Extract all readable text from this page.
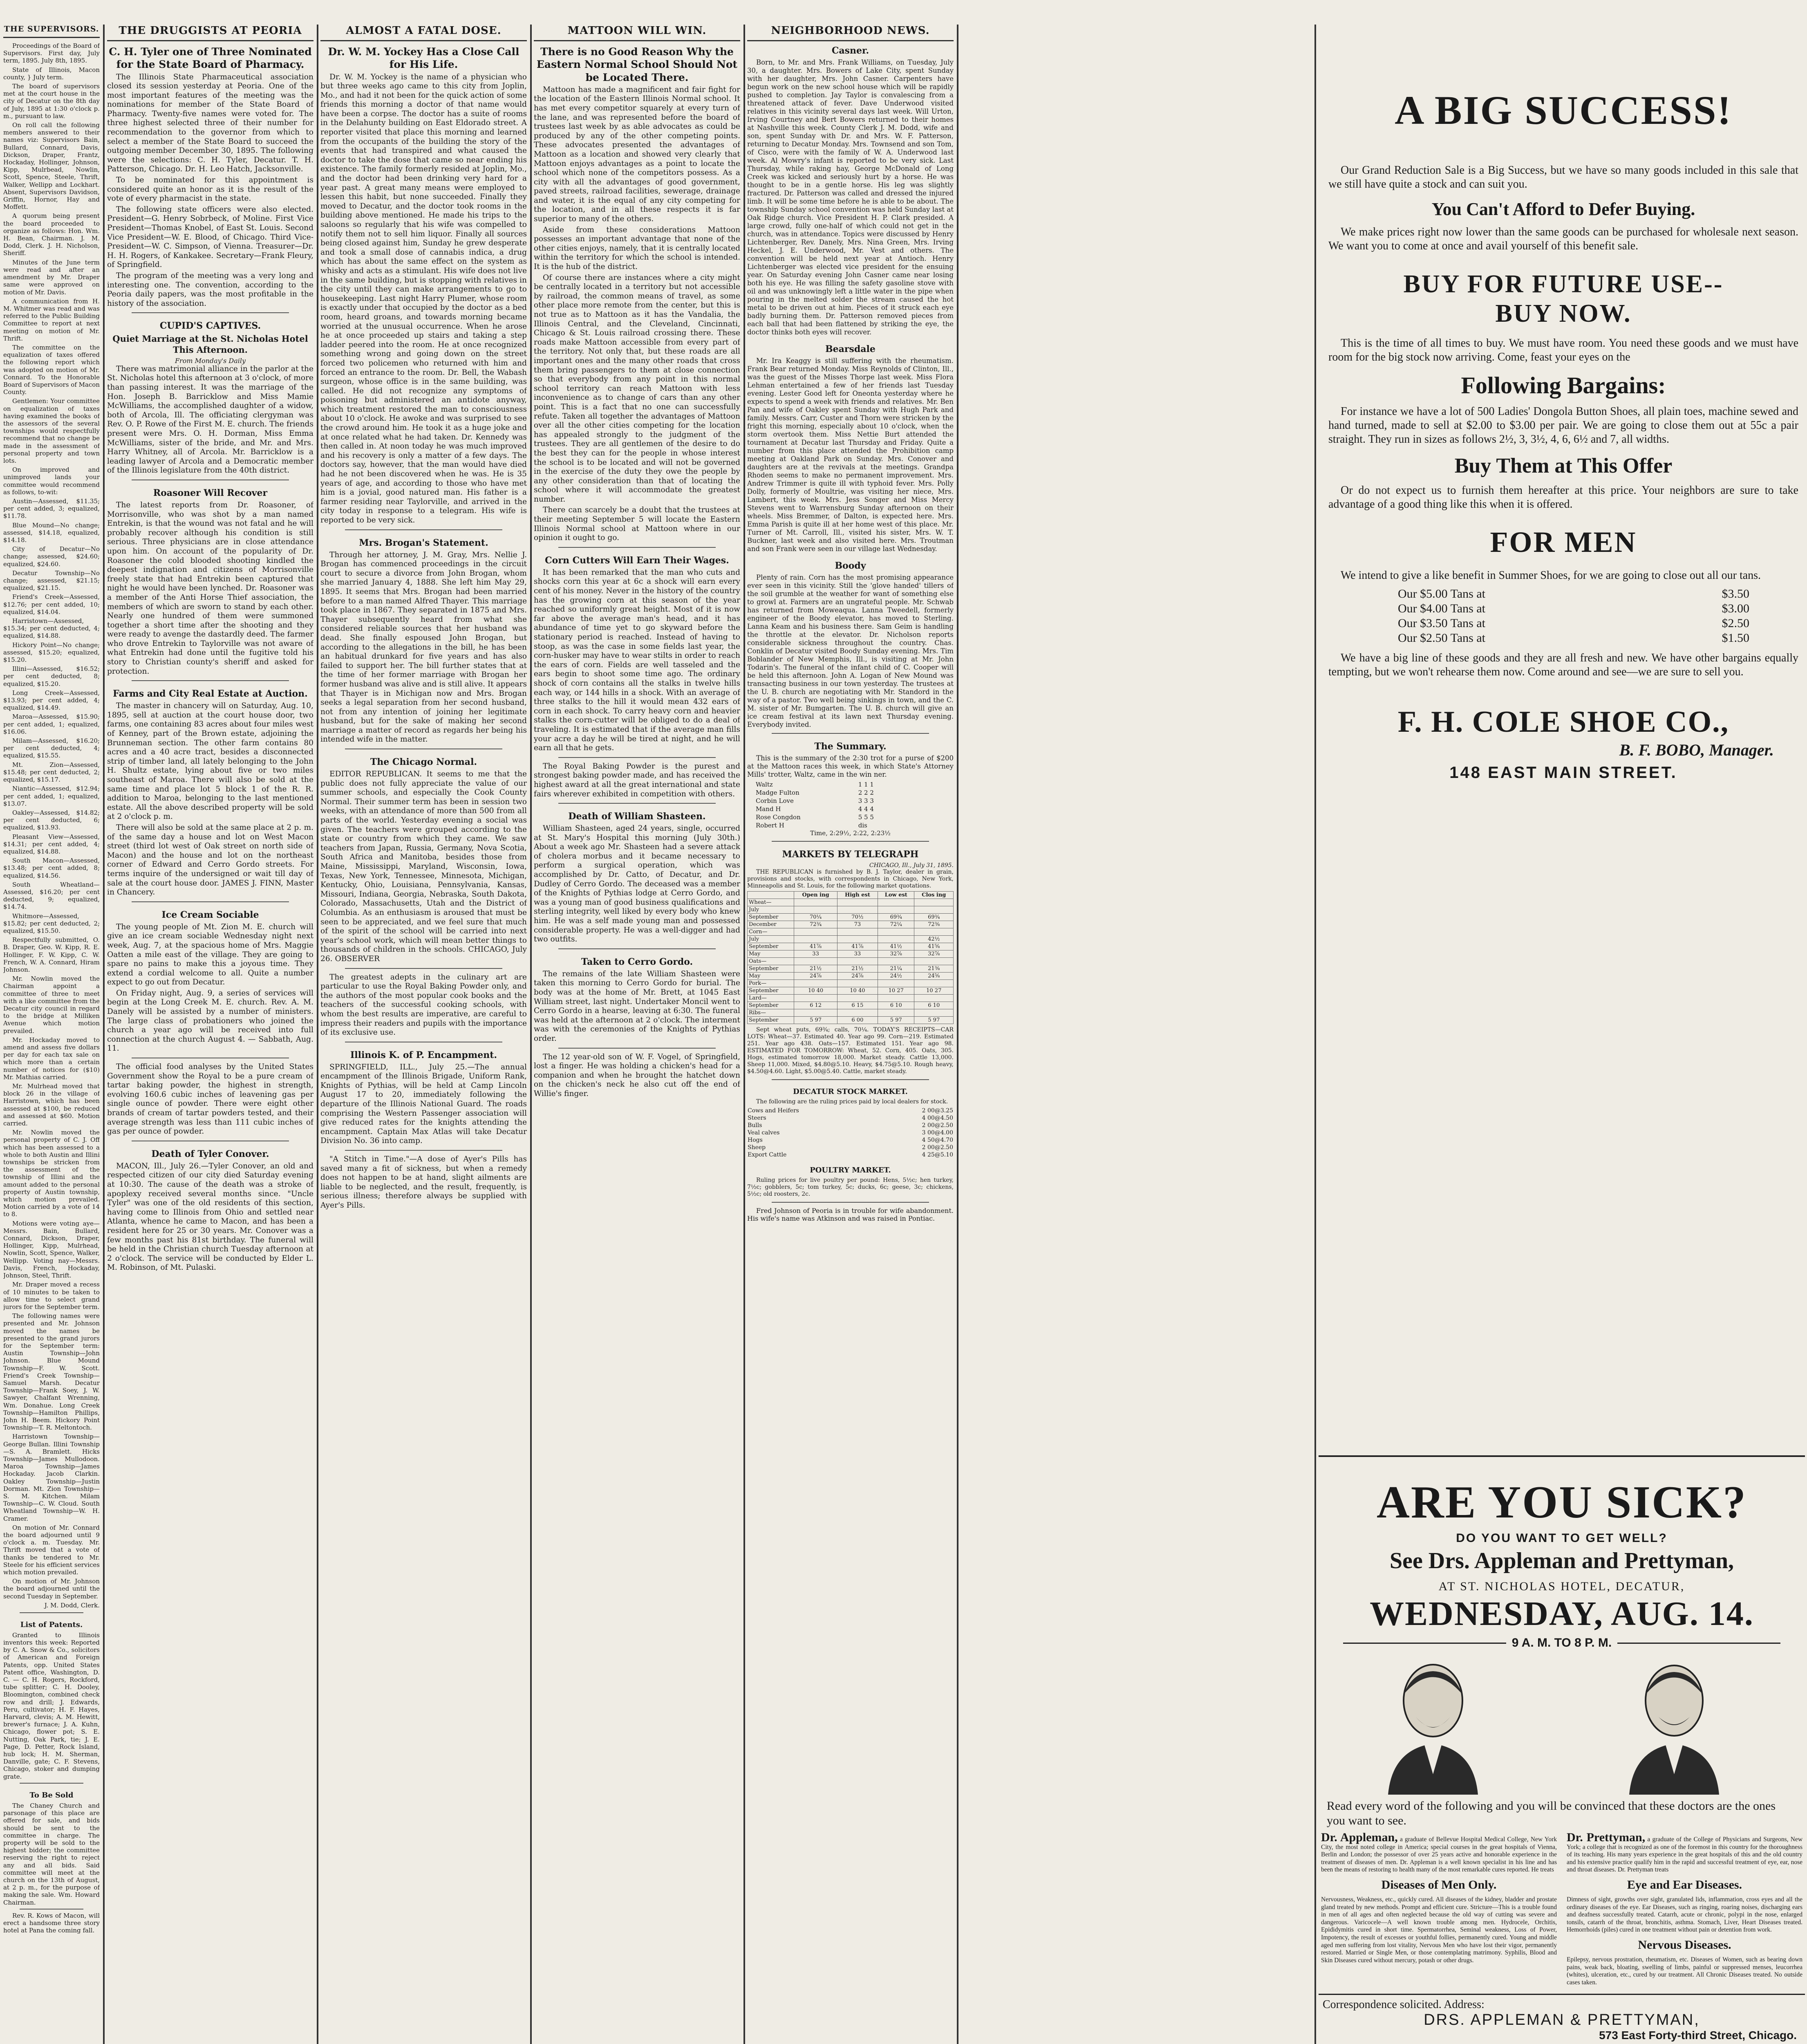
THE SUPERVISORS.

Proceedings of the Board of Supervisors. First day, July term, 1895. July 8th, 1895.

State of Illinois, Macon county, } July term.

The board of supervisors met at the court house in the city of Decatur on the 8th day of July, 1895 at 1:30 o'clock p. m., pursuant to law.

On roll call the following members answered to their names viz: Supervisors Bain, Bullard, Connard, Davis, Dickson, Draper, Frantz, Hockaday, Hollinger, Johnson, Kipp, Mulrbead, Nowlin, Scott, Spence, Steele, Thrift, Walker, Wellipp and Lockhart. Absent, Supervisors Davidson, Griffin, Hornor, Hay and Moffett.

A quorum being present the board proceeded to organize as follows: Hon. Wm. H. Bean, Chairman. J. M. Dodd, Clerk. J. H. Nicholson, Sheriff.

Minutes of the June term were read and after an amendment by Mr. Draper same were approved on motion of Mr. Davis.

A communication from H. M. Whitmer was read and was referred to the Public Building Committee to report at next meeting on motion of Mr. Thrift.

The committee on the equalization of taxes offered the following report which was adopted on motion of Mr. Connard. To the Honorable Board of Supervisors of Macon County.

Gentlemen: Your committee on equalization of taxes having examined the books of the assessors of the several townships would respectfully recommend that no change be made in the assessment of personal property and town lots.

On improved and unimproved lands your committee would recommend as follows, to-wit:

Austin—Assessed, $11.35; per cent added, 3; equalized, $11.78.

Blue Mound—No change; assessed, $14.18, equalized, $14.18.

City of Decatur—No change; assessed, $24.60; equalized, $24.60.

Decatur Township—No change; assessed, $21.15; equalized, $21.15.

Friend's Creek—Assessed, $12.76; per cent added, 10; equalized, $14.04.

Harristown—Assessed, $15.34; per cent deducted, 4; equalized, $14.88.

Hickory Point—No change; assessed, $15.20; equalized, $15.20.

Illini—Assessed, $16.52; per cent deducted, 8; equalized, $15.20.

Long Creek—Assessed, $13.93; per cent added, 4; equalized, $14.49.

Maroa—Assessed, $15.90; per cent added, 1; equalized, $16.06.

Milam—Assessed, $16.20; per cent deducted, 4; equalized, $15.55.

Mt. Zion—Assessed, $15.48; per cent deducted, 2; equalized, $15.17.

Niantic—Assessed, $12.94; per cent added, 1; equalized, $13.07.

Oakley—Assessed, $14.82; per cent deducted, 6; equalized, $13.93.

Pleasant View—Assessed, $14.31; per cent added, 4; equalized, $14.88.

South Macon—Assessed, $13.48; per cent added, 8; equalized, $14.56.

South Wheatland—Assessed, $16.20; per cent deducted, 9; equalized, $14.74.

Whitmore—Assessed, $15.82; per cent deducted, 2; equalized, $15.50.

Respectfully submitted, O. B. Draper, Geo. W. Kipp, R. E. Hollinger, F. W. Kipp, C. W. French, W. A. Connard, Hiram Johnson.

Mr. Nowlin moved the Chairman appoint a committee of three to meet with a like committee from the Decatur city council in regard to the bridge at Milliken Avenue which motion prevailed.

Mr. Hockaday moved to amend and assess five dollars per day for each tax sale on which more than a certain number of notices for ($10) Mr. Mathias carried.

Mr. Mulrhead moved that block 26 in the village of Harristown, which has been assessed at $100, be reduced and assessed at $60. Motion carried.

Mr. Nowlin moved the personal property of C. J. Off which has been assessed to a whole to both Austin and Illini townships be stricken from the assessment of the township of Illini and the amount added to the personal property of Austin township, which motion prevailed. Motion carried by a vote of 14 to 8.

Motions were voting aye—Messrs. Bain, Bullard, Connard, Dickson, Draper, Hollinger, Kipp, Mulrhead, Nowlin, Scott, Spence, Walker, Wellipp. Voting nay—Messrs. Davis, French, Hockaday, Johnson, Steel, Thrift.

Mr. Draper moved a recess of 10 minutes to be taken to allow time to select grand jurors for the September term.

The following names were presented and Mr. Johnson moved the names be presented to the grand jurors for the September term: Austin Township—John Johnson. Blue Mound Township—F. W. Scott. Friend's Creek Township—Samuel Marsh. Decatur Township—Frank Soey, J. W. Sawyer, Chalfant Wrenning, Wm. Donahue. Long Creek Township—Hamilton Phillips, John H. Beem. Hickory Point Township—T. R. Meltontoch.

Harristown Township—George Bullan. Illini Township—S. A. Bramlett. Hicks Township—James Mullodoon. Maroa Township—James Hockaday. Jacob Clarkin. Oakley Township—Justin Dorman. Mt. Zion Township—S. M. Kitchen. Milam Township—C. W. Cloud. South Wheatland Township—W. H. Cramer.

On motion of Mr. Connard the board adjourned until 9 o'clock a. m. Tuesday. Mr. Thrift moved that a vote of thanks be tendered to Mr. Steele for his efficient services which motion prevailed.

On motion of Mr. Johnson the board adjourned until the second Tuesday in September.

J. M. Dodd, Clerk.
List of Patents.

Granted to Illinois inventors this week: Reported by C. A. Snow & Co., solicitors of American and Foreign Patents, opp. United States Patent office, Washington, D. C. — C. H. Rogers, Rockford, tube splitter; C. H. Dooley, Bloomington, combined check row and drill; J. Edwards, Peru, cultivator; H. F. Hayes, Harvard, clevis; A. M. Hewitt, brewer's furnace; J. A. Kuhn, Chicago, flower pot; S. E. Nutting, Oak Park, tie; J. E. Page, D. Petter, Rock Island, hub lock; H. M. Sherman, Danville, gate; C. F. Stevens, Chicago, stoker and dumping grate.

To Be Sold

The Chaney Church and parsonage of this place are offered for sale, and bids should be sent to the committee in charge. The property will be sold to the highest bidder; the committee reserving the right to reject any and all bids. Said committee will meet at the church on the 13th of August, at 2 p. m., for the purpose of making the sale. Wm. Howard Chairman.

Rev. R. Kows of Macon, will erect a handsome three story hotel at Pana the coming fall.

THE DRUGGISTS AT PEORIA
C. H. Tyler one of Three Nominated for the State Board of Pharmacy.

The Illinois State Pharmaceutical association closed its session yesterday at Peoria. One of the most important features of the meeting was the nominations for member of the State Board of Pharmacy. Twenty-five names were voted for. The three highest selected three of their number for recommendation to the governor from which to select a member of the State Board to succeed the outgoing member December 30, 1895. The following were the selections: C. H. Tyler, Decatur. T. H. Patterson, Chicago. Dr. H. Leo Hatch, Jacksonville.

To be nominated for this appointment is considered quite an honor as it is the result of the vote of every pharmacist in the state.

The following state officers were also elected. President—G. Henry Sobrbeck, of Moline. First Vice President—Thomas Knobel, of East St. Louis. Second Vice President—W. E. Blood, of Chicago. Third Vice-President—W. C. Simpson, of Vienna. Treasurer—Dr. H. H. Rogers, of Kankakee. Secretary—Frank Fleury, of Springfield.

The program of the meeting was a very long and interesting one. The convention, according to the Peoria daily papers, was the most profitable in the history of the association.

CUPID'S CAPTIVES.
Quiet Marriage at the St. Nicholas Hotel This Afternoon.
From Monday's Daily

There was matrimonial alliance in the parlor at the St. Nicholas hotel this afternoon at 3 o'clock, of more than passing interest. It was the marriage of the Hon. Joseph B. Barricklow and Miss Mamie McWilliams, the accomplished daughter of a widow, both of Arcola, Ill. The officiating clergyman was Rev. O. P. Rowe of the First M. E. church. The friends present were Mrs. O. H. Dorman, Miss Emma McWilliams, sister of the bride, and Mr. and Mrs. Harry Whitney, all of Arcola. Mr. Barricklow is a leading lawyer of Arcola and a Democratic member of the Illinois legislature from the 40th district.

Roasoner Will Recover

The latest reports from Dr. Roasoner, of Morrisonville, who was shot by a man named Entrekin, is that the wound was not fatal and he will probably recover although his condition is still serious. Three physicians are in close attendance upon him. On account of the popularity of Dr. Roasoner the cold blooded shooting kindled the deepest indignation and citizens of Morrisonville freely state that had Entrekin been captured that night he would have been lynched. Dr. Roasoner was a member of the Anti Horse Thief association, the members of which are sworn to stand by each other. Nearly one hundred of them were summoned together a short time after the shooting and they were ready to avenge the dastardly deed. The farmer who drove Entrekin to Taylorville was not aware of what Entrekin had done until the fugitive told his story to Christian county's sheriff and asked for protection.

Farms and City Real Estate at Auction.

The master in chancery will on Saturday, Aug. 10, 1895, sell at auction at the court house door, two farms, one containing 83 acres about four miles west of Kenney, part of the Brown estate, adjoining the Brunneman section. The other farm contains 80 acres and a 40 acre tract, besides a disconnected strip of timber land, all lately belonging to the John H. Shultz estate, lying about five or two miles southeast of Maroa. There will also be sold at the same time and place lot 5 block 1 of the R. R. addition to Maroa, belonging to the last mentioned estate. All the above described property will be sold at 2 o'clock p. m.

There will also be sold at the same place at 2 p. m. of the same day a house and lot on West Macon street (third lot west of Oak street on north side of Macon) and the house and lot on the northeast corner of Edward and Cerro Gordo streets. For terms inquire of the undersigned or wait till day of sale at the court house door. JAMES J. FINN, Master in Chancery.

Ice Cream Sociable

The young people of Mt. Zion M. E. church will give an ice cream sociable Wednesday night next week, Aug. 7, at the spacious home of Mrs. Maggie Oatten a mile east of the village. They are going to spare no pains to make this a joyous time. They extend a cordial welcome to all. Quite a number expect to go out from Decatur.

On Friday night, Aug. 9, a series of services will begin at the Long Creek M. E. church. Rev. A. M. Danely will be assisted by a number of ministers. The large class of probationers who joined the church a year ago will be received into full connection at the church August 4. — Sabbath, Aug. 11.

The official food analyses by the United States Government show the Royal to be a pure cream of tartar baking powder, the highest in strength, evolving 160.6 cubic inches of leavening gas per single ounce of powder. There were eight other brands of cream of tartar powders tested, and their average strength was less than 111 cubic inches of gas per ounce of powder.

Death of Tyler Conover.

MACON, Ill., July 26.—Tyler Conover, an old and respected citizen of our city died Saturday evening at 10:30. The cause of the death was a stroke of apoplexy received several months since. "Uncle Tyler" was one of the old residents of this section, having come to Illinois from Ohio and settled near Atlanta, whence he came to Macon, and has been a resident here for 25 or 30 years. Mr. Conover was a few months past his 81st birthday. The funeral will be held in the Christian church Tuesday afternoon at 2 o'clock. The service will be conducted by Elder L. M. Robinson, of Mt. Pulaski.

ALMOST A FATAL DOSE.
Dr. W. M. Yockey Has a Close Call for His Life.

Dr. W. M. Yockey is the name of a physician who but three weeks ago came to this city from Joplin, Mo., and had it not been for the quick action of some friends this morning a doctor of that name would have been a corpse. The doctor has a suite of rooms in the Delahunty building on East Eldorado street. A reporter visited that place this morning and learned from the occupants of the building the story of the events that had transpired and what caused the doctor to take the dose that came so near ending his existence. The family formerly resided at Joplin, Mo., and the doctor had been drinking very hard for a year past. A great many means were employed to lessen this habit, but none succeeded. Finally they moved to Decatur, and the doctor took rooms in the building above mentioned. He made his trips to the saloons so regularly that his wife was compelled to notify them not to sell him liquor. Finally all sources being closed against him, Sunday he grew desperate and took a small dose of cannabis indica, a drug which has about the same effect on the system as whisky and acts as a stimulant. His wife does not live in the same building, but is stopping with relatives in the city until they can make arrangements to go to housekeeping. Last night Harry Plumer, whose room is exactly under that occupied by the doctor as a bed room, heard groans, and towards morning became worried at the unusual occurrence. When he arose he at once proceeded up stairs and taking a step ladder peered into the room. He at once recognized something wrong and going down on the street forced two policemen who returned with him and forced an entrance to the room. Dr. Bell, the Wabash surgeon, whose office is in the same building, was called. He did not recognize any symptoms of poisoning but administered an antidote anyway, which treatment restored the man to consciousness about 10 o'clock. He awoke and was surprised to see the crowd around him. He took it as a huge joke and at once related what he had taken. Dr. Kennedy was then called in. At noon today he was much improved and his recovery is only a matter of a few days. The doctors say, however, that the man would have died had he not been discovered when he was. He is 35 years of age, and according to those who have met him is a jovial, good natured man. His father is a farmer residing near Taylorville, and arrived in the city today in response to a telegram. His wife is reported to be very sick.

Mrs. Brogan's Statement.

Through her attorney, J. M. Gray, Mrs. Nellie J. Brogan has commenced proceedings in the circuit court to secure a divorce from John Brogan, whom she married January 4, 1888. She left him May 29, 1895. It seems that Mrs. Brogan had been married before to a man named Alfred Thayer. This marriage took place in 1867. They separated in 1875 and Mrs. Thayer subsequently heard from what she considered reliable sources that her husband was dead. She finally espoused John Brogan, but according to the allegations in the bill, he has been an habitual drunkard for five years and has also failed to support her. The bill further states that at the time of her former marriage with Brogan her former husband was alive and is still alive. It appears that Thayer is in Michigan now and Mrs. Brogan seeks a legal separation from her second husband, not from any intention of joining her legitimate husband, but for the sake of making her second marriage a matter of record as regards her being his intended wife in the matter.

The Chicago Normal.

EDITOR REPUBLICAN. It seems to me that the public does not fully appreciate the value of our summer schools, and especially the Cook County Normal. Their summer term has been in session two weeks, with an attendance of more than 500 from all parts of the world. Yesterday evening a social was given. The teachers were grouped according to the state or country from which they came. We saw teachers from Japan, Russia, Germany, Nova Scotia, South Africa and Manitoba, besides those from Maine, Mississippi, Maryland, Wisconsin, Iowa, Texas, New York, Tennessee, Minnesota, Michigan, Kentucky, Ohio, Louisiana, Pennsylvania, Kansas, Missouri, Indiana, Georgia, Nebraska, South Dakota, Colorado, Massachusetts, Utah and the District of Columbia. As an enthusiasm is aroused that must be seen to be appreciated, and we feel sure that much of the spirit of the school will be carried into next year's school work, which will mean better things to thousands of children in the schools. CHICAGO, July 26. OBSERVER

The greatest adepts in the culinary art are particular to use the Royal Baking Powder only, and the authors of the most popular cook books and the teachers of the successful cooking schools, with whom the best results are imperative, are careful to impress their readers and pupils with the importance of its exclusive use.

Illinois K. of P. Encampment.

SPRINGFIELD, ILL., July 25.—The annual encampment of the Illinois Brigade, Uniform Rank, Knights of Pythias, will be held at Camp Lincoln August 17 to 20, immediately following the departure of the Illinois National Guard. The roads comprising the Western Passenger association will give reduced rates for the knights attending the encampment. Captain Max Atlas will take Decatur Division No. 36 into camp.

"A Stitch in Time."—A dose of Ayer's Pills has saved many a fit of sickness, but when a remedy does not happen to be at hand, slight ailments are liable to be neglected, and the result, frequently, is serious illness; therefore always be supplied with Ayer's Pills.

MATTOON WILL WIN.
There is no Good Reason Why the Eastern Normal School Should Not be Located There.

Mattoon has made a magnificent and fair fight for the location of the Eastern Illinois Normal school. It has met every competitor squarely at every turn of the lane, and was represented before the board of trustees last week by as able advocates as could be produced by any of the other competing points. These advocates presented the advantages of Mattoon as a location and showed very clearly that Mattoon enjoys advantages as a point to locate the school which none of the competitors possess. As a city with all the advantages of good government, paved streets, railroad facilities, sewerage, drainage and water, it is the equal of any city competing for the location, and in all these respects it is far superior to many of the others.

Aside from these considerations Mattoon possesses an important advantage that none of the other cities enjoys, namely, that it is centrally located within the territory for which the school is intended. It is the hub of the district.

Of course there are instances where a city might be centrally located in a territory but not accessible by railroad, the common means of travel, as some other place more remote from the center, but this is not true as to Mattoon as it has the Vandalia, the Illinois Central, and the Cleveland, Cincinnati, Chicago & St. Louis railroad crossing there. These roads make Mattoon accessible from every part of the territory. Not only that, but these roads are all important ones and the many other roads that cross them bring passengers to them at close connection so that everybody from any point in this normal school territory can reach Mattoon with less inconvenience as to change of cars than any other point. This is a fact that no one can successfully refute. Taken all together the advantages of Mattoon over all the other cities competing for the location has appealed strongly to the judgment of the trustees. They are all gentlemen of the desire to do the best they can for the people in whose interest the school is to be located and will not be governed in the exercise of the duty they owe the people by any other consideration than that of locating the school where it will accommodate the greatest number.

There can scarcely be a doubt that the trustees at their meeting September 5 will locate the Eastern Illinois Normal school at Mattoon where in our opinion it ought to go.

Corn Cutters Will Earn Their Wages.

It has been remarked that the man who cuts and shocks corn this year at 6c a shock will earn every cent of his money. Never in the history of the country has the growing corn at this season of the year reached so uniformly great height. Most of it is now far above the average man's head, and it has abundance of time yet to go skyward before the stationary period is reached. Instead of having to stoop, as was the case in some fields last year, the corn-husker may have to wear stilts in order to reach the ears of corn. Fields are well tasseled and the ears begin to shoot some time ago. The ordinary shock of corn contains all the stalks in twelve hills each way, or 144 hills in a shock. With an average of three stalks to the hill it would mean 432 ears of corn in each shock. To carry heavy corn and heavier stalks the corn-cutter will be obliged to do a deal of traveling. It is estimated that if the average man fills your acre a day he will be tired at night, and he will earn all that he gets.

The Royal Baking Powder is the purest and strongest baking powder made, and has received the highest award at all the great international and state fairs wherever exhibited in competition with others.

Death of William Shasteen.

William Shasteen, aged 24 years, single, occurred at St. Mary's Hospital this morning (July 30th.) About a week ago Mr. Shasteen had a severe attack of cholera morbus and it became necessary to perform a surgical operation, which was accomplished by Dr. Catto, of Decatur, and Dr. Dudley of Cerro Gordo. The deceased was a member of the Knights of Pythias lodge at Cerro Gordo, and was a young man of good business qualifications and sterling integrity, well liked by every body who knew him. He was a self made young man and possessed considerable property. He was a well-digger and had two outfits.

Taken to Cerro Gordo.

The remains of the late William Shasteen were taken this morning to Cerro Gordo for burial. The body was at the home of Mr. Brett, at 1045 East William street, last night. Undertaker Moncil went to Cerro Gordo in a hearse, leaving at 6:30. The funeral was held at the afternoon at 2 o'clock. The interment was with the ceremonies of the Knights of Pythias order.

The 12 year-old son of W. F. Vogel, of Springfield, lost a finger. He was holding a chicken's head for a companion and when he brought the hatchet down on the chicken's neck he also cut off the end of Willie's finger.

NEIGHBORHOOD NEWS.
Casner.

Born, to Mr. and Mrs. Frank Williams, on Tuesday, July 30, a daughter. Mrs. Bowers of Lake City, spent Sunday with her daughter, Mrs. John Casner. Carpenters have begun work on the new school house which will be rapidly pushed to completion. Jay Taylor is convalescing from a threatened attack of fever. Dave Underwood visited relatives in this vicinity several days last week. Will Urton, Irving Courtney and Bert Bowers returned to their homes at Nashville this week. County Clerk J. M. Dodd, wife and son, spent Sunday with Dr. and Mrs. W. F. Patterson, returning to Decatur Monday. Mrs. Townsend and son Tom, of Cisco, were with the family of W. A. Underwood last week. Al Mowry's infant is reported to be very sick. Last Thursday, while raking hay, George McDonald of Long Creek was kicked and seriously hurt by a horse. He was thought to be in a gentle horse. His leg was slightly fractured. Dr. Patterson was called and dressed the injured limb. It will be some time before he is able to be about. The township Sunday school convention was held Sunday last at Oak Ridge church. Vice President H. P. Clark presided. A large crowd, fully one-half of which could not get in the church, was in attendance. Topics were discussed by Henry Lichtenberger, Rev. Danely, Mrs. Nina Green, Mrs. Irving Heckel, J. E. Underwood, Mr. Vest and others. The convention will be held next year at Antioch. Henry Lichtenberger was elected vice president for the ensuing year. On Saturday evening John Casner came near losing both his eye. He was filling the safety gasoline stove with oil and was unknowingly left a little water in the pipe when pouring in the melted solder the stream caused the hot metal to be driven out at him. Pieces of it struck each eye badly burning them. Dr. Patterson removed pieces from each ball that had been flattened by striking the eye, the doctor thinks both eyes will recover.

Bearsdale

Mr. Ira Keaggy is still suffering with the rheumatism. Frank Bear returned Monday. Miss Reynolds of Clinton, Ill., was the guest of the Misses Thorpe last week. Miss Flora Lehman entertained a few of her friends last Tuesday evening. Lester Good left for Oneonta yesterday where he expects to spend a week with friends and relatives. Mr. Ben Pan and wife of Oakley spent Sunday with Hugh Park and family. Messrs. Carr, Custer and Thorn were stricken by the fright this morning, especially about 10 o'clock, when the storm overtook them. Miss Nettie Burt attended the tournament at Decatur last Thursday and Friday. Quite a number from this place attended the Prohibition camp meeting at Oakland Park on Sunday. Mrs. Conover and daughters are at the revivals at the meetings. Grandpa Rhoden seems to make no permanent improvement. Mrs. Andrew Trimmer is quite ill with typhoid fever. Mrs. Polly Dolly, formerly of Moultrie, was visiting her niece, Mrs. Lambert, this week. Mrs. Jess Songer and Miss Mercy Stevens went to Warrensburg Sunday afternoon on their wheels. Miss Bremmer, of Dalton, is expected here. Mrs. Emma Parish is quite ill at her home west of this place. Mr. Turner of Mt. Carroll, Ill., visited his sister, Mrs. W. T. Buckner, last week and also visited here. Mrs. Troutman and son Frank were seen in our village last Wednesday.

Boody

Plenty of rain. Corn has the most promising appearance ever seen in this vicinity. Still the 'glove handed' tillers of the soil grumble at the weather for want of something else to growl at. Farmers are an ungrateful people. Mr. Schwab has returned from Moweaqua. Lanna Tweedell, formerly engineer of the Boody elevator, has moved to Sterling. Lanna Keam and his business there. Sam Geim is handling the throttle at the elevator. Dr. Nicholson reports considerable sickness throughout the country. Chas. Conklin of Decatur visited Boody Sunday evening. Mrs. Tim Boblander of New Memphis, Ill., is visiting at Mr. John Todarin's. The funeral of the infant child of C. Cooper will be held this afternoon. John A. Logan of New Mound was transacting business in our town yesterday. The trustees at the U. B. church are negotiating with Mr. Standord in the way of a pastor. Two well being sinkings in town, and the C. M. sister of Mr. Bumgarten. The U. B. church will give an ice cream festival at its lawn next Thursday evening. Everybody invited.

The Summary.

This is the summary of the 2:30 trot for a purse of $200 at the Mattoon races this week, in which State's Attorney Mills' trotter, Waltz, came in the win ner.

Waltz	1 1 1
Madge Fulton	2 2 2
Corbin Love	3 3 3
Mand H	4 4 4
Rose Congdon	5 5 5
Robert H	dis
Time, 2:29½, 2:22, 2:23½
MARKETS BY TELEGRAPH
CHICAGO, Ill., July 31, 1895.

THE REPUBLICAN is furnished by B. J. Taylor, dealer in grain, provisions and stocks, with correspondents in Chicago, New York, Minneapolis and St. Louis, for the following market quotations.

	Open ing	High est	Low est	Clos ing
Wheat—				
July				
September	70¼	70½	69¾	69¾
December	72¾	73	72¼	72⅜
Corn—				
July				42½
September	41⅞	41⅞	41½	41⅝
May	33	33	32⅞	32⅞
Oats—				
September	21½	21½	21¼	21⅜
May	24⅞	24⅞	24½	24⅝
Pork—				
September	10 40	10 40	10 27	10 27
Lard—				
September	6 12	6 15	6 10	6 10
Ribs—				
September	5 97	6 00	5 97	5 97

Sept wheat puts, 69¾; calls, 70¼. TODAY'S RECEIPTS—CAR LOTS: Wheat—37. Estimated 40. Year ago 99. Corn—219. Estimated 251. Year ago 438. Oats—157. Estimated 151. Year ago 98. ESTIMATED FOR TOMORROW: Wheat, 52. Corn, 405. Oats, 305. Hogs, estimated tomorrow 18,000. Market steady. Cattle 13,000. Sheep 11,000. Mixed, $4.80@5.10. Heavy, $4.75@5.10. Rough heavy, $4.50@4.60. Light, $5.00@5.40. Cattle, market steady.

DECATUR STOCK MARKET.

The following are the ruling prices paid by local dealers for stock.

Cows and Heifers	2 00@3.25
Steers	4 00@4.50
Bulls	2 00@2.50
Veal calves	3 00@4.00
Hogs	4 50@4.70
Sheep	2 00@2.50
Export Cattle	4 25@5.10
POULTRY MARKET.

Ruling prices for live poultry per pound: Hens, 5½c; hen turkey, 7½c; gobblers, 5c; tom turkey, 5c; ducks, 6c; geese, 3c; chickens, 5½c; old roosters, 2c.

Fred Johnson of Peoria is in trouble for wife abandonment. His wife's name was Atkinson and was raised in Pontiac.

A BIG SUCCESS!

Our Grand Reduction Sale is a Big Success, but we have so many goods included in this sale that we still have quite a stock and can suit you.

You Can't Afford to Defer Buying.

We make prices right now lower than the same goods can be purchased for wholesale next season. We want you to come at once and avail yourself of this benefit sale.

BUY FOR FUTURE USE--
BUY NOW.

This is the time of all times to buy. We must have room. You need these goods and we must have room for the big stock now arriving. Come, feast your eyes on the

Following Bargains:

For instance we have a lot of 500 Ladies' Dongola Button Shoes, all plain toes, machine sewed and hand turned, made to sell at $2.00 to $3.00 per pair. We are going to close them out at 55c a pair straight. They run in sizes as follows 2½, 3, 3½, 4, 6, 6½ and 7, all widths.

Buy Them at This Offer

Or do not expect us to furnish them hereafter at this price. Your neighbors are sure to take advantage of a good thing like this when it is offered.

FOR MEN

We intend to give a like benefit in Summer Shoes, for we are going to close out all our tans.

Our $5.00 Tans at	$3.50
Our $4.00 Tans at	$3.00
Our $3.50 Tans at	$2.50
Our $2.50 Tans at	$1.50

We have a big line of these goods and they are all fresh and new. We have other bargains equally tempting, but we won't rehearse them now. Come around and see—we are sure to sell you.

F. H. COLE SHOE CO.,
B. F. BOBO, Manager.
148 EAST MAIN STREET.
ARE YOU SICK?
DO YOU WANT TO GET WELL?
See Drs. Appleman and Prettyman,
AT ST. NICHOLAS HOTEL, DECATUR,
WEDNESDAY, AUG. 14.
9 A. M. TO 8 P. M.

Read every word of the following and you will be convinced that these doctors are the ones you want to see.

Dr. Appleman, a graduate of Bellevue Hospital Medical College, New York City, the most noted college in America; special courses in the great hospitals of Vienna, Berlin and London; the possessor of over 25 years active and honorable experience in the treatment of diseases of men. Dr. Appleman is a well known specialist in his line and has been the means of restoring to health many of the most remarkable cures reported. He treats

Diseases of Men Only.

Nervousness, Weakness, etc., quickly cured. All diseases of the kidney, bladder and prostate gland treated by new methods. Prompt and efficient cure. Stricture—This is a trouble found in men of all ages and often neglected because the old way of cutting was severe and dangerous. Varicocele—A well known trouble among men. Hydrocele, Orchitis, Epididymitis cured in short time. Spermatorrhea, Seminal weakness, Loss of Power, Impotency, the result of excesses or youthful follies, permanently cured. Young and middle aged men suffering from lost vitality, Nervous Men who have lost their vigor, permanently restored. Married or Single Men, or those contemplating matrimony. Syphilis, Blood and Skin Diseases cured without mercury, potash or other drugs.

Dr. Prettyman, a graduate of the College of Physicians and Surgeons, New York; a college that is recognized as one of the foremost in this country for the thoroughness of its teaching. His many years experience in the great hospitals of this and the old country and his extensive practice qualify him in the rapid and successful treatment of eye, ear, nose and throat diseases. Dr. Prettyman treats

Eye and Ear Diseases.

Dimness of sight, growths over sight, granulated lids, inflammation, cross eyes and all the ordinary diseases of the eye. Ear Diseases, such as ringing, roaring noises, discharging ears and deafness successfully treated. Catarrh, acute or chronic, polypi in the nose, enlarged tonsils, catarrh of the throat, bronchitis, asthma. Stomach, Liver, Heart Diseases treated. Hemorrhoids (piles) cured in one treatment without pain or detention from work.

Nervous Diseases.

Epilepsy, nervous prostration, rheumatism, etc. Diseases of Women, such as bearing down pains, weak back, bloating, swelling of limbs, painful or suppressed menses, leucorrhea (whites), ulceration, etc., cured by our treatment. All Chronic Diseases treated. No outside cases taken.

Correspondence solicited. Address:
DRS. APPLEMAN & PRETTYMAN,
573 East Forty-third Street, Chicago.
